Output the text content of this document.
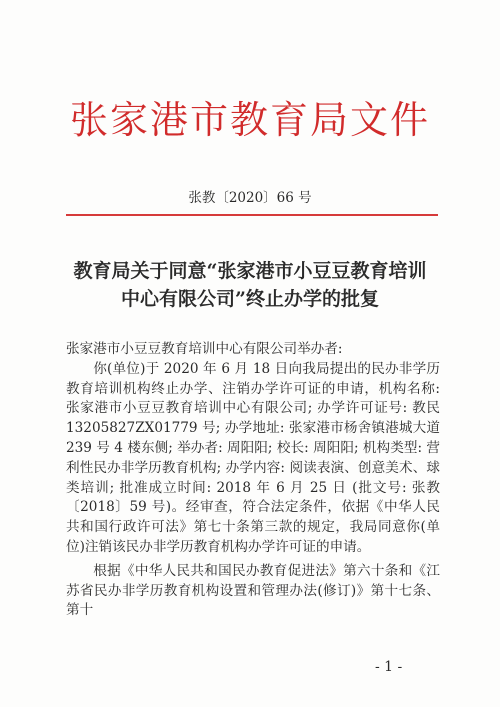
张家港市教育局文件
张教〔2020〕66 号
教育局关于同意“张家港市小豆豆教育培训
中心有限公司”终止办学的批复

张家港市小豆豆教育培训中心有限公司举办者:

你(单位)于 2020 年 6 月 18 日向我局提出的民办非学历教育培训机构终止办学、注销办学许可证的申请，机构名称: 张家港市小豆豆教育培训中心有限公司; 办学许可证号: 教民 13205827ZX01779 号; 办学地址: 张家港市杨舍镇港城大道 239 号 4 楼东侧; 举办者: 周阳阳; 校长: 周阳阳; 机构类型: 营利性民办非学历教育机构; 办学内容: 阅读表演、创意美术、球类培训; 批准成立时间: 2018 年 6 月 25 日 (批文号: 张教〔2018〕59 号)。经审查，符合法定条件，依据《中华人民共和国行政许可法》第七十条第三款的规定，我局同意你(单位)注销该民办非学历教育机构办学许可证的申请。

根据《中华人民共和国民办教育促进法》第六十条和《江苏省民办非学历教育机构设置和管理办法(修订)》第十七条、第十

- 1 -
